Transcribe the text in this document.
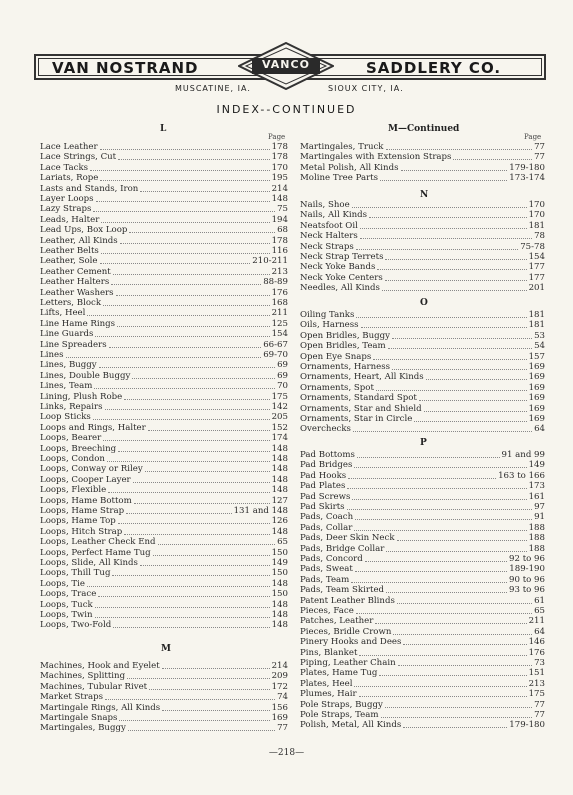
VAN NOSTRAND	SADDLERY CO.
VANCO
MUSCATINE, IA.	SIOUX CITY, IA.
INDEX--CONTINUED
L
Page
Lace Leather	178
Lace Strings, Cut	178
Lace Tacks	170
Lariats, Rope	195
Lasts and Stands, Iron	214
Layer Loops	148
Lazy Straps	75
Leads, Halter	194
Lead Ups, Box Loop	68
Leather, All Kinds	178
Leather Belts	116
Leather, Sole	210-211
Leather Cement	213
Leather Halters	88-89
Leather Washers	176
Letters, Block	168
Lifts, Heel	211
Line Hame Rings	125
Line Guards	154
Line Spreaders	66-67
Lines	69-70
Lines, Buggy	69
Lines, Double Buggy	69
Lines, Team	70
Lining, Plush Robe	175
Links, Repairs	142
Loop Sticks	205
Loops and Rings, Halter	152
Loops, Bearer	174
Loops, Breeching	148
Loops, Condon	148
Loops, Conway or Riley	148
Loops, Cooper Layer	148
Loops, Flexible	148
Loops, Hame Bottom	127
Loops, Hame Strap	131 and 148
Loops, Hame Top	126
Loops, Hitch Strap	148
Loops, Leather Check End	65
Loops, Perfect Hame Tug	150
Loops, Slide, All Kinds	149
Loops, Thill Tug	150
Loops, Tie	148
Loops, Trace	150
Loops, Tuck	148
Loops, Twin	148
Loops, Two-Fold	148
M
Machines, Hook and Eyelet	214
Machines, Splitting	209
Machines, Tubular Rivet	172
Market Straps	74
Martingale Rings, All Kinds	156
Martingale Snaps	169
Martingales, Buggy	77
M—Continued
Page
Martingales, Truck	77
Martingales with Extension Straps	77
Metal Polish, All Kinds	179-180
Moline Tree Parts	173-174
N
Nails, Shoe	170
Nails, All Kinds	170
Neatsfoot Oil	181
Neck Halters	78
Neck Straps	75-78
Neck Strap Terrets	154
Neck Yoke Bands	177
Neck Yoke Centers	177
Needles, All Kinds	201
O
Oiling Tanks	181
Oils, Harness	181
Open Bridles, Buggy	53
Open Bridles, Team	54
Open Eye Snaps	157
Ornaments, Harness	169
Ornaments, Heart, All Kinds	169
Ornaments, Spot	169
Ornaments, Standard Spot	169
Ornaments, Star and Shield	169
Ornaments, Star in Circle	169
Overchecks	64
P
Pad Bottoms	91 and 99
Pad Bridges	149
Pad Hooks	163 to 166
Pad Plates	173
Pad Screws	161
Pad Skirts	97
Pads, Coach	91
Pads, Collar	188
Pads, Deer Skin Neck	188
Pads, Bridge Collar	188
Pads, Concord	92 to 96
Pads, Sweat	189-190
Pads, Team	90 to 96
Pads, Team Skirted	93 to 96
Patent Leather Blinds	61
Pieces, Face	65
Patches, Leather	211
Pieces, Bridle Crown	64
Pinery Hooks and Dees	146
Pins, Blanket	176
Piping, Leather Chain	73
Plates, Hame Tug	151
Plates, Heel	213
Plumes, Hair	175
Pole Straps, Buggy	77
Pole Straps, Team	77
Polish, Metal, All Kinds	179-180
—218—
